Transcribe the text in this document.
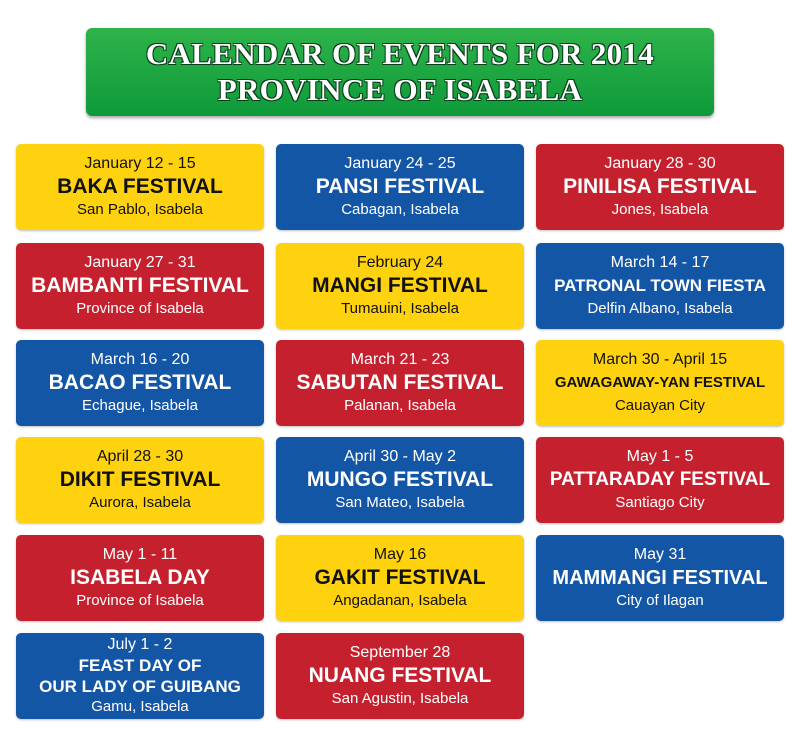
CALENDAR OF EVENTS FOR 2014
PROVINCE OF ISABELA
January 12 - 15
BAKA FESTIVAL
San Pablo, Isabela
January 24 - 25
PANSI FESTIVAL
Cabagan, Isabela
January 28 - 30
PINILISA FESTIVAL
Jones, Isabela
January 27 - 31
BAMBANTI FESTIVAL
Province of Isabela
February 24
MANGI FESTIVAL
Tumauini, Isabela
March 14 - 17
PATRONAL TOWN FIESTA
Delfin Albano, Isabela
March 16 - 20
BACAO FESTIVAL
Echague, Isabela
March 21 - 23
SABUTAN FESTIVAL
Palanan, Isabela
March 30 - April 15
GAWAGAWAY-YAN FESTIVAL
Cauayan City
April 28 - 30
DIKIT FESTIVAL
Aurora, Isabela
April 30 - May 2
MUNGO FESTIVAL
San Mateo, Isabela
May 1 - 5
PATTARADAY FESTIVAL
Santiago City
May 1 - 11
ISABELA DAY
Province of Isabela
May 16
GAKIT FESTIVAL
Angadanan, Isabela
May 31
MAMMANGI FESTIVAL
City of Ilagan
July 1 - 2
FEAST DAY OF
OUR LADY OF GUIBANG
Gamu, Isabela
September 28
NUANG FESTIVAL
San Agustin, Isabela
